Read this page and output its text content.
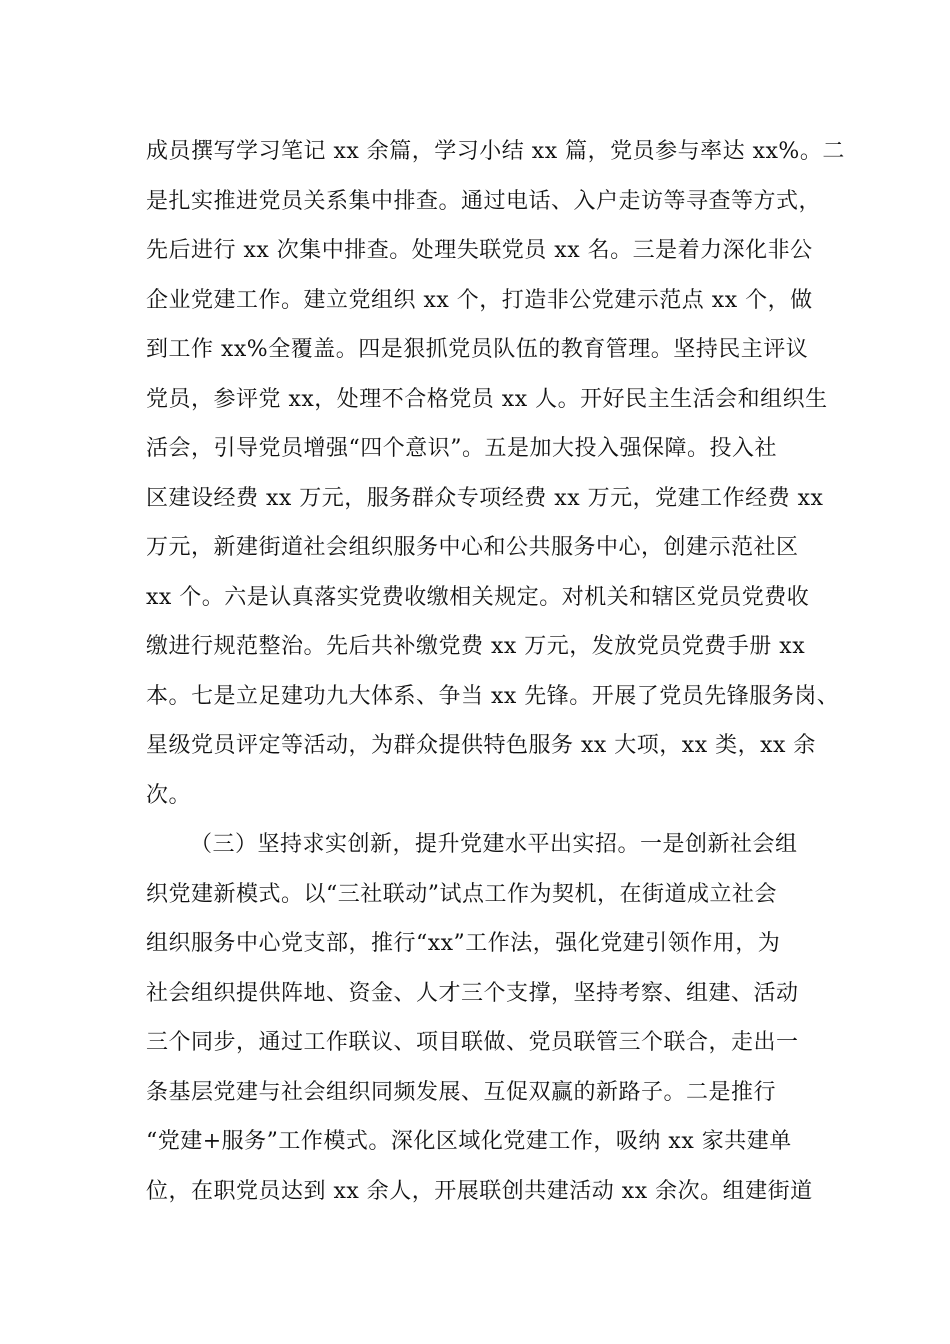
成员撰写学习笔记 xx 余篇，学习小结 xx 篇，党员参与率达 xx%。二
是扎实推进党员关系集中排查。通过电话、入户走访等寻查等方式，
先后进行 xx 次集中排查。处理失联党员 xx 名。三是着力深化非公
企业党建工作。建立党组织 xx 个，打造非公党建示范点 xx 个，做
到工作 xx%全覆盖。四是狠抓党员队伍的教育管理。坚持民主评议
党员，参评党 xx，处理不合格党员 xx 人。开好民主生活会和组织生
活会，引导党员增强“四个意识”。五是加大投入强保障。投入社
区建设经费 xx 万元，服务群众专项经费 xx 万元，党建工作经费 xx
万元，新建街道社会组织服务中心和公共服务中心，创建示范社区
xx 个。六是认真落实党费收缴相关规定。对机关和辖区党员党费收
缴进行规范整治。先后共补缴党费 xx 万元，发放党员党费手册 xx
本。七是立足建功九大体系、争当 xx 先锋。开展了党员先锋服务岗、
星级党员评定等活动，为群众提供特色服务 xx 大项，xx 类，xx 余
次。
（三）坚持求实创新，提升党建水平出实招。一是创新社会组
织党建新模式。以“三社联动”试点工作为契机，在街道成立社会
组织服务中心党支部，推行“xx”工作法，强化党建引领作用，为
社会组织提供阵地、资金、人才三个支撑，坚持考察、组建、活动
三个同步，通过工作联议、项目联做、党员联管三个联合，走出一
条基层党建与社会组织同频发展、互促双赢的新路子。二是推行
“党建+服务”工作模式。深化区域化党建工作，吸纳 xx 家共建单
位，在职党员达到 xx 余人，开展联创共建活动 xx 余次。组建街道
